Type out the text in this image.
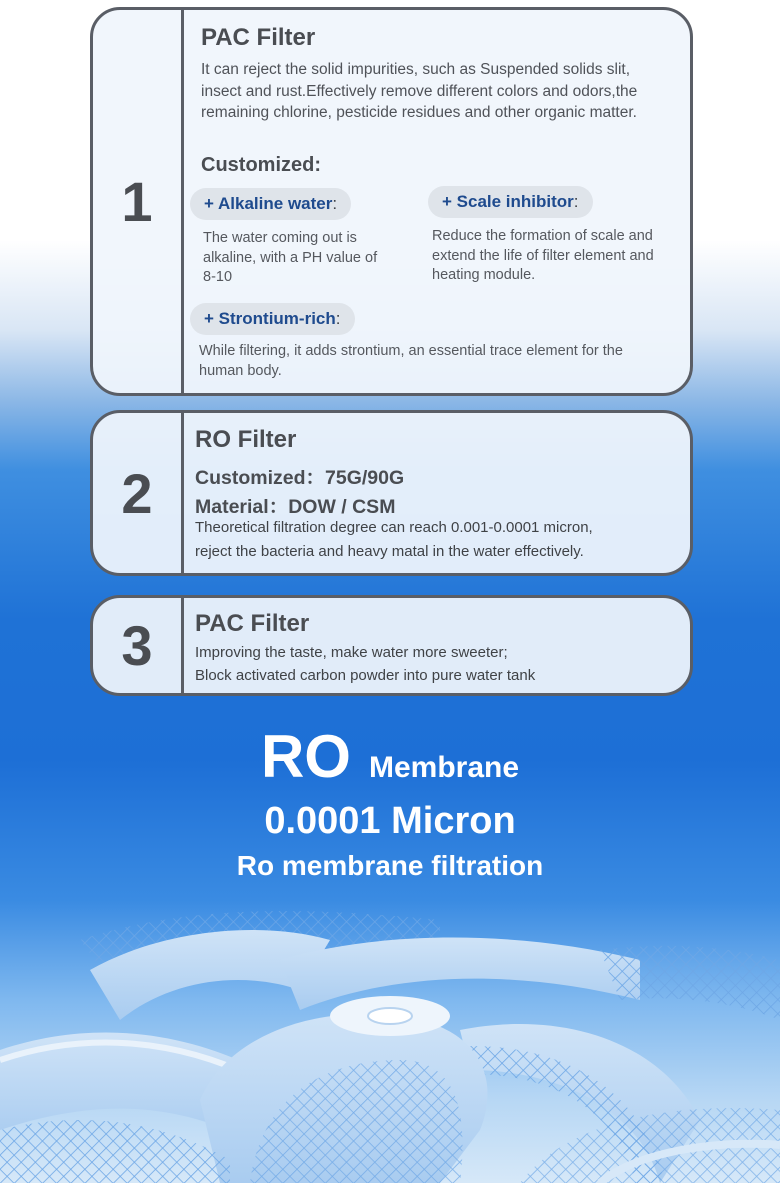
1
PAC Filter
It can reject the solid impurities, such as Suspended solids slit, insect and rust.Effectively remove different colors and odors,the remaining chlorine, pesticide residues and other organic matter.
Customized:
+ Alkaline water :
The water coming out is alkaline, with a PH value of 8-10
+ Scale inhibitor :
Reduce the formation of scale and extend the life of filter element and heating module.
+ Strontium-rich :
While filtering, it adds strontium, an essential trace element for the human body.
2
RO Filter
Customized：75G/90G
Material：DOW / CSM
Theoretical filtration degree can reach 0.001-0.0001 micron,
reject the bacteria and heavy matal in the water effectively.
3 PAC Filter
Improving the taste, make water more sweeter;
Block activated carbon powder into pure water tank
RO Membrane
0.0001 Micron
Ro membrane filtration
